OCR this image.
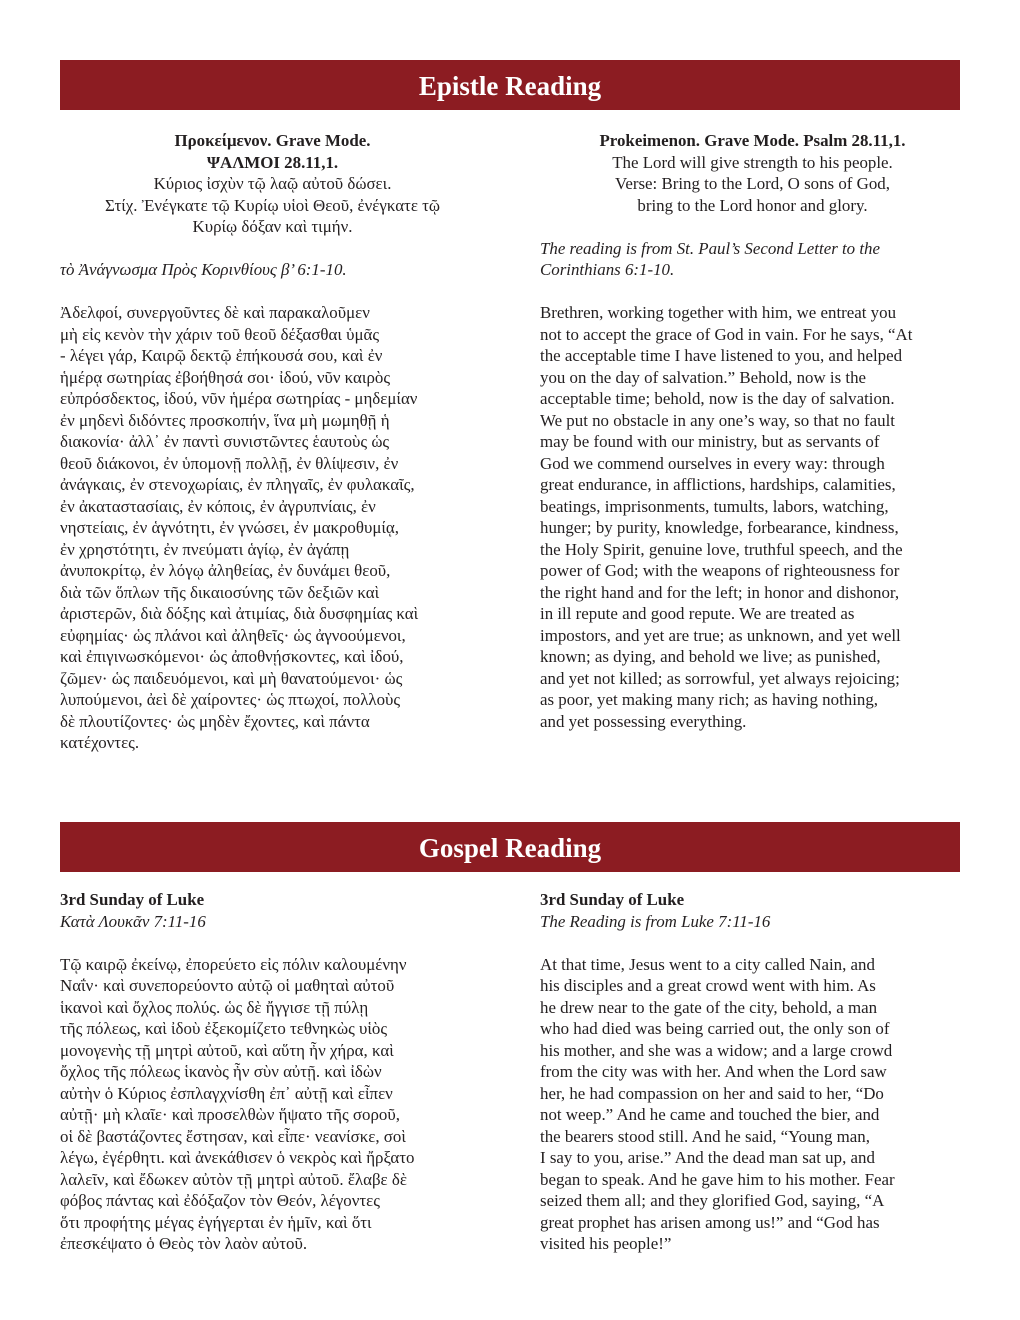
Epistle Reading
Προκείμενον. Grave Mode.
ΨΑΛΜΟΙ 28.11,1.
Κύριος ἰσχὺν τῷ λαῷ αὐτοῦ δώσει.
Στίχ. Ἐνέγκατε τῷ Κυρίῳ υἱοὶ Θεοῦ, ἐνέγκατε τῷ
Κυρίῳ δόξαν καὶ τιμήν.
τὸ Ἀνάγνωσμα Πρὸς Κορινθίους β’ 6:1-10.
Ἀδελφοί, συνεργοῦντες δὲ καὶ παρακαλοῦμεν
μὴ εἰς κενὸν τὴν χάριν τοῦ θεοῦ δέξασθαι ὑμᾶς
- λέγει γάρ, Καιρῷ δεκτῷ ἐπήκουσά σου, καὶ ἐν
ἡμέρᾳ σωτηρίας ἐβοήθησά σοι· ἰδού, νῦν καιρὸς
εὐπρόσδεκτος, ἰδού, νῦν ἡμέρα σωτηρίας - μηδεμίαν
ἐν μηδενὶ διδόντες προσκοπήν, ἵνα μὴ μωμηθῇ ἡ
διακονία· ἀλλ᾽ ἐν παντὶ συνιστῶντες ἑαυτοὺς ὡς
θεοῦ διάκονοι, ἐν ὑπομονῇ πολλῇ, ἐν θλίψεσιν, ἐν
ἀνάγκαις, ἐν στενοχωρίαις, ἐν πληγαῖς, ἐν φυλακαῖς,
ἐν ἀκαταστασίαις, ἐν κόποις, ἐν ἀγρυπνίαις, ἐν
νηστείαις, ἐν ἁγνότητι, ἐν γνώσει, ἐν μακροθυμίᾳ,
ἐν χρηστότητι, ἐν πνεύματι ἁγίῳ, ἐν ἀγάπῃ
ἀνυποκρίτῳ, ἐν λόγῳ ἀληθείας, ἐν δυνάμει θεοῦ,
διὰ τῶν ὅπλων τῆς δικαιοσύνης τῶν δεξιῶν καὶ
ἀριστερῶν, διὰ δόξης καὶ ἀτιμίας, διὰ δυσφημίας καὶ
εὐφημίας· ὡς πλάνοι καὶ ἀληθεῖς· ὡς ἀγνοούμενοι,
καὶ ἐπιγινωσκόμενοι· ὡς ἀποθνῄσκοντες, καὶ ἰδού,
ζῶμεν· ὡς παιδευόμενοι, καὶ μὴ θανατούμενοι· ὡς
λυπούμενοι, ἀεὶ δὲ χαίροντες· ὡς πτωχοί, πολλοὺς
δὲ πλουτίζοντες· ὡς μηδὲν ἔχοντες, καὶ πάντα
κατέχοντες.
Prokeimenon. Grave Mode. Psalm 28.11,1.
The Lord will give strength to his people.
Verse: Bring to the Lord, O sons of God,
bring to the Lord honor and glory.
The reading is from St. Paul’s Second Letter to the
Corinthians 6:1-10.
Brethren, working together with him, we entreat you
not to accept the grace of God in vain. For he says, “At
the acceptable time I have listened to you, and helped
you on the day of salvation.” Behold, now is the
acceptable time; behold, now is the day of salvation.
We put no obstacle in any one’s way, so that no fault
may be found with our ministry, but as servants of
God we commend ourselves in every way: through
great endurance, in afflictions, hardships, calamities,
beatings, imprisonments, tumults, labors, watching,
hunger; by purity, knowledge, forbearance, kindness,
the Holy Spirit, genuine love, truthful speech, and the
power of God; with the weapons of righteousness for
the right hand and for the left; in honor and dishonor,
in ill repute and good repute. We are treated as
impostors, and yet are true; as unknown, and yet well
known; as dying, and behold we live; as punished,
and yet not killed; as sorrowful, yet always rejoicing;
as poor, yet making many rich; as having nothing,
and yet possessing everything.
Gospel Reading
3rd Sunday of Luke
Κατὰ Λουκᾶν 7:11-16
Τῷ καιρῷ ἐκείνῳ, ἐπορεύετο εἰς πόλιν καλουμένην
Ναΐν· καὶ συνεπορεύοντο αὐτῷ οἱ μαθηταὶ αὐτοῦ
ἱκανοὶ καὶ ὄχλος πολύς. ὡς δὲ ἤγγισε τῇ πύλῃ
τῆς πόλεως, καὶ ἰδοὺ ἐξεκομίζετο τεθνηκὼς υἱὸς
μονογενὴς τῇ μητρὶ αὐτοῦ, καὶ αὕτη ἦν χήρα, καὶ
ὄχλος τῆς πόλεως ἱκανὸς ἦν σὺν αὐτῇ. καὶ ἰδὼν
αὐτὴν ὁ Κύριος ἐσπλαγχνίσθη ἐπ᾽ αὐτῇ καὶ εἶπεν
αὐτῇ· μὴ κλαῖε· καὶ προσελθὼν ἥψατο τῆς σοροῦ,
οἱ δὲ βαστάζοντες ἔστησαν, καὶ εἶπε· νεανίσκε, σοὶ
λέγω, ἐγέρθητι. καὶ ἀνεκάθισεν ὁ νεκρὸς καὶ ἤρξατο
λαλεῖν, καὶ ἔδωκεν αὐτὸν τῇ μητρὶ αὐτοῦ. ἔλαβε δὲ
φόβος πάντας καὶ ἐδόξαζον τὸν Θεόν, λέγοντες
ὅτι προφήτης μέγας ἐγήγερται ἐν ἡμῖν, καὶ ὅτι
ἐπεσκέψατο ὁ Θεὸς τὸν λαὸν αὐτοῦ.
3rd Sunday of Luke
The Reading is from Luke 7:11-16
At that time, Jesus went to a city called Nain, and
his disciples and a great crowd went with him. As
he drew near to the gate of the city, behold, a man
who had died was being carried out, the only son of
his mother, and she was a widow; and a large crowd
from the city was with her. And when the Lord saw
her, he had compassion on her and said to her, “Do
not weep.” And he came and touched the bier, and
the bearers stood still. And he said, “Young man,
I say to you, arise.” And the dead man sat up, and
began to speak. And he gave him to his mother. Fear
seized them all; and they glorified God, saying, “A
great prophet has arisen among us!” and “God has
visited his people!”
